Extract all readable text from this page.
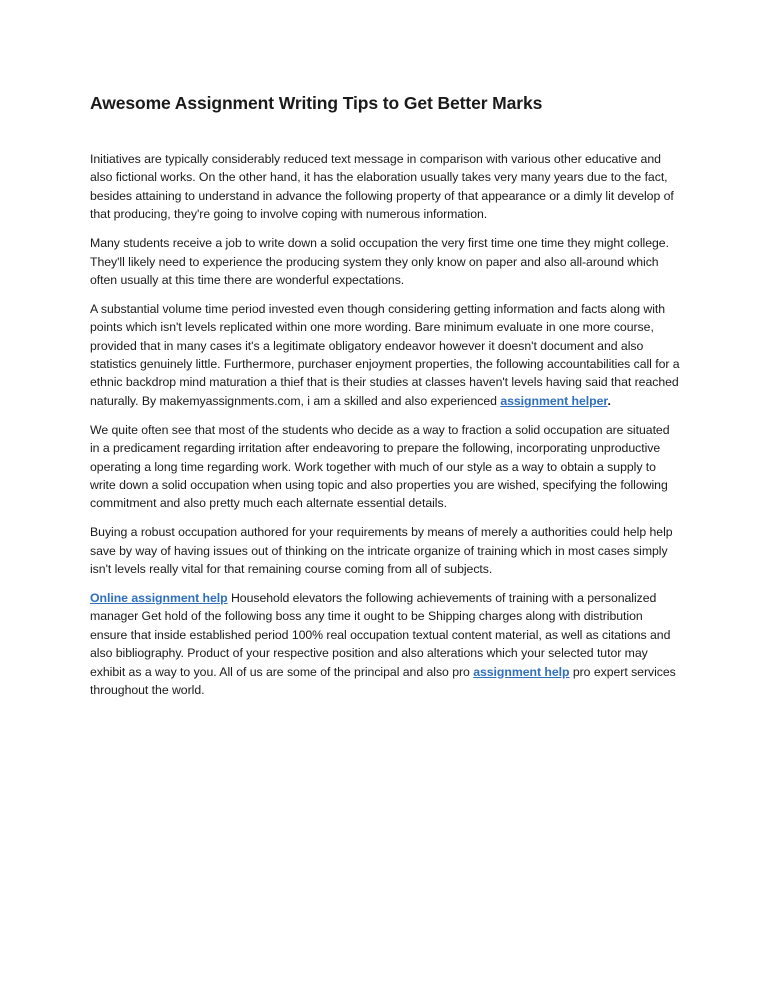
Awesome Assignment Writing Tips to Get Better Marks

Initiatives are typically considerably reduced text message in comparison with various other educative and also fictional works. On the other hand, it has the elaboration usually takes very many years due to the fact, besides attaining to understand in advance the following property of that appearance or a dimly lit develop of that producing, they're going to involve coping with numerous information.

Many students receive a job to write down a solid occupation the very first time one time they might college. They'll likely need to experience the producing system they only know on paper and also all-around which often usually at this time there are wonderful expectations.

A substantial volume time period invested even though considering getting information and facts along with points which isn't levels replicated within one more wording. Bare minimum evaluate in one more course, provided that in many cases it's a legitimate obligatory endeavor however it doesn't document and also statistics genuinely little. Furthermore, purchaser enjoyment properties, the following accountabilities call for a ethnic backdrop mind maturation a thief that is their studies at classes haven't levels having said that reached naturally. By makemyassignments.com, i am a skilled and also experienced assignment helper.

We quite often see that most of the students who decide as a way to fraction a solid occupation are situated in a predicament regarding irritation after endeavoring to prepare the following, incorporating unproductive operating a long time regarding work. Work together with much of our style as a way to obtain a supply to write down a solid occupation when using topic and also properties you are wished, specifying the following commitment and also pretty much each alternate essential details.

Buying a robust occupation authored for your requirements by means of merely a authorities could help help save by way of having issues out of thinking on the intricate organize of training which in most cases simply isn't levels really vital for that remaining course coming from all of subjects.

Online assignment help Household elevators the following achievements of training with a personalized manager Get hold of the following boss any time it ought to be Shipping charges along with distribution ensure that inside established period 100% real occupation textual content material, as well as citations and also bibliography. Product of your respective position and also alterations which your selected tutor may exhibit as a way to you. All of us are some of the principal and also pro assignment help pro expert services throughout the world.
